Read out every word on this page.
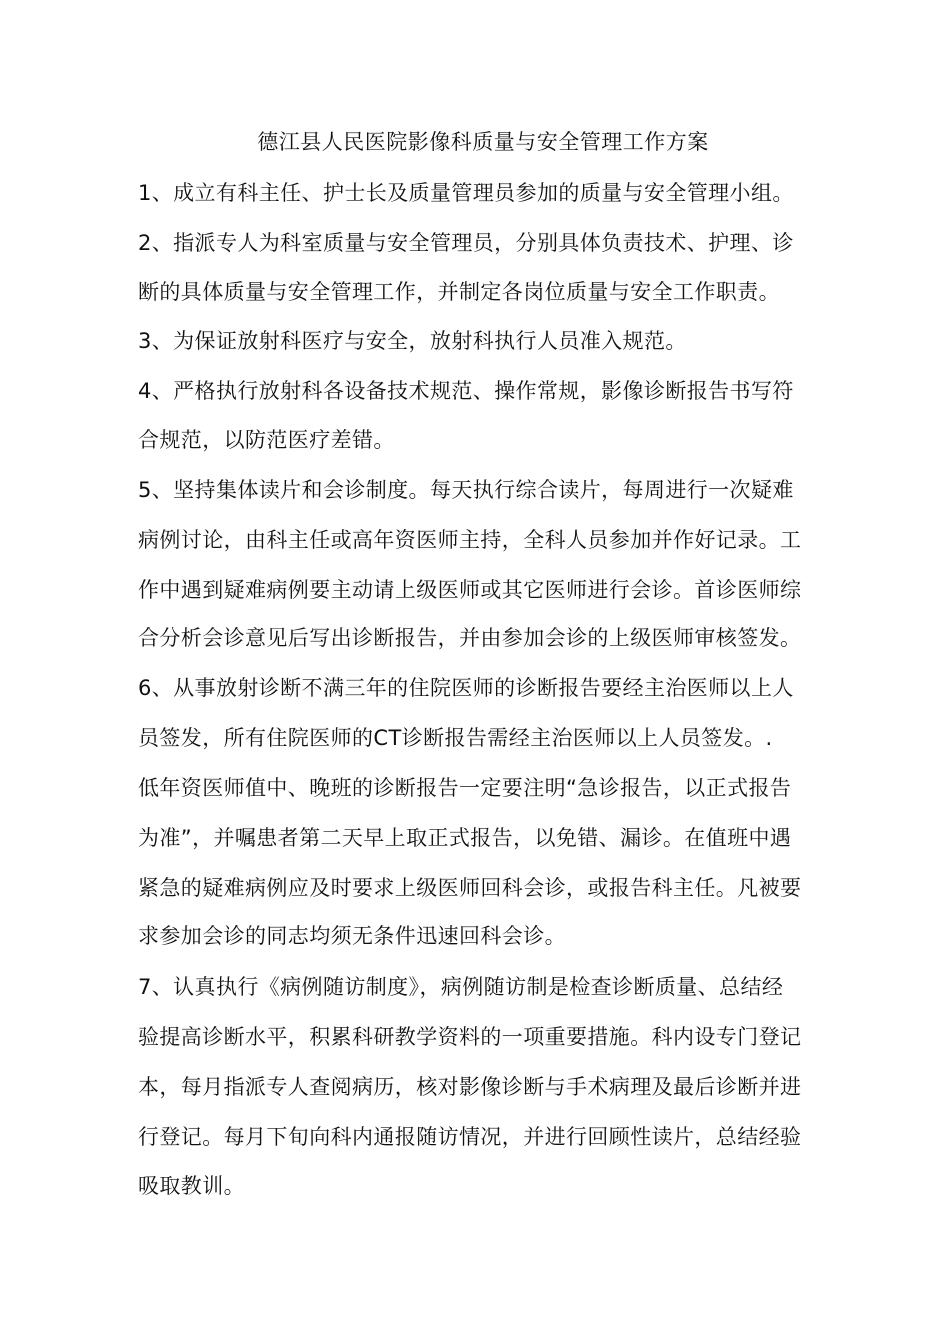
德江县人民医院影像科质量与安全管理工作方案
1、成立有科主任、护士长及质量管理员参加的质量与安全管理小组。
2、指派专人为科室质量与安全管理员，分别具体负责技术、护理、诊
断的具体质量与安全管理工作，并制定各岗位质量与安全工作职责。
3、为保证放射科医疗与安全，放射科执行人员准入规范。
4、严格执行放射科各设备技术规范、操作常规，影像诊断报告书写符
合规范，以防范医疗差错。
5、坚持集体读片和会诊制度。每天执行综合读片，每周进行一次疑难
病例讨论，由科主任或高年资医师主持，全科人员参加并作好记录。工
作中遇到疑难病例要主动请上级医师或其它医师进行会诊。首诊医师综
合分析会诊意见后写出诊断报告，并由参加会诊的上级医师审核签发。
6、从事放射诊断不满三年的住院医师的诊断报告要经主治医师以上人
员签发，所有住院医师的CT诊断报告需经主治医师以上人员签发。.
低年资医师值中、晚班的诊断报告一定要注明“急诊报告，以正式报告
为准”，并嘱患者第二天早上取正式报告，以免错、漏诊。在值班中遇
紧急的疑难病例应及时要求上级医师回科会诊，或报告科主任。凡被要
求参加会诊的同志均须无条件迅速回科会诊。
7、认真执行《病例随访制度》，病例随访制是检查诊断质量、总结经
验提高诊断水平，积累科研教学资料的一项重要措施。科内设专门登记
本，每月指派专人查阅病历，核对影像诊断与手术病理及最后诊断并进
行登记。每月下旬向科内通报随访情况，并进行回顾性读片，总结经验
吸取教训。
